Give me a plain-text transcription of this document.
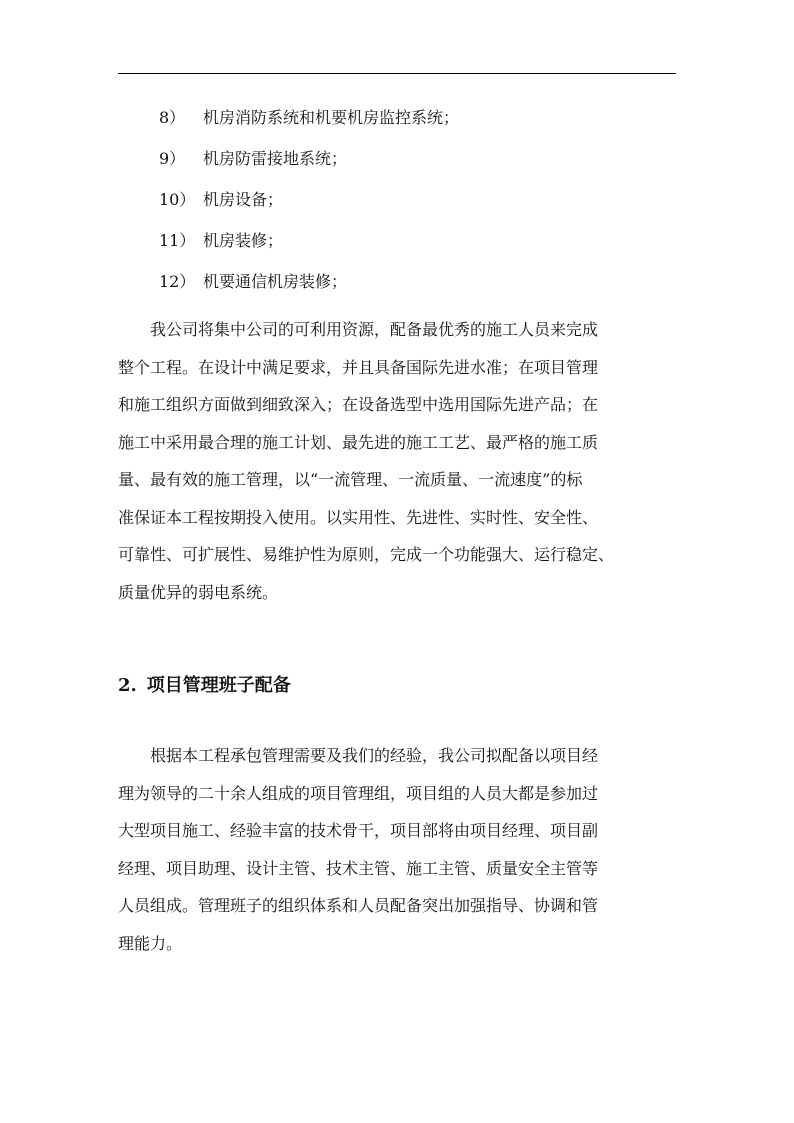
8） 机房消防系统和机要机房监控系统；
9） 机房防雷接地系统；
10） 机房设备；
11） 机房装修；
12） 机要通信机房装修；
　　我公司将集中公司的可利用资源，配备最优秀的施工人员来完成
整个工程。在设计中满足要求，并且具备国际先进水准；在项目管理
和施工组织方面做到细致深入；在设备选型中选用国际先进产品；在
施工中采用最合理的施工计划、最先进的施工工艺、最严格的施工质
量、最有效的施工管理，以“一流管理、一流质量、一流速度”的标
准保证本工程按期投入使用。以实用性、先进性、实时性、安全性、
可靠性、可扩展性、易维护性为原则，完成一个功能强大、运行稳定、
质量优异的弱电系统。
2. 项目管理班子配备
　　根据本工程承包管理需要及我们的经验，我公司拟配备以项目经
理为领导的二十余人组成的项目管理组，项目组的人员大都是参加过
大型项目施工、经验丰富的技术骨干，项目部将由项目经理、项目副
经理、项目助理、设计主管、技术主管、施工主管、质量安全主管等
人员组成。管理班子的组织体系和人员配备突出加强指导、协调和管
理能力。
